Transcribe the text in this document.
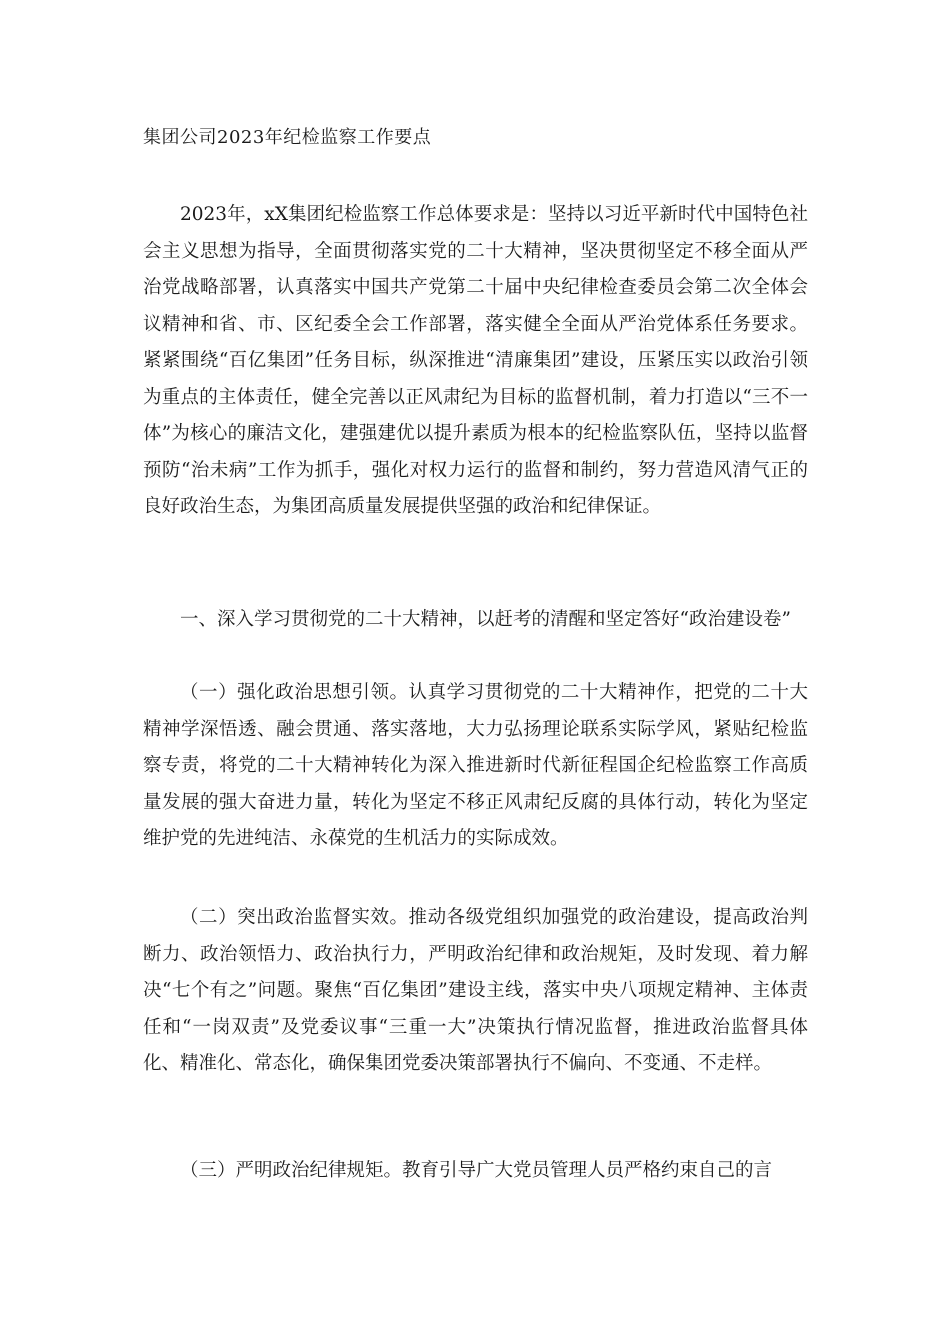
集团公司2023年纪检监察工作要点

2023年，xX集团纪检监察工作总体要求是：坚持以习近平新时代中国特色社会主义思想为指导，全面贯彻落实党的二十大精神，坚决贯彻坚定不移全面从严治党战略部署，认真落实中国共产党第二十届中央纪律检查委员会第二次全体会议精神和省、市、区纪委全会工作部署，落实健全全面从严治党体系任务要求。紧紧围绕“百亿集团”任务目标，纵深推进“清廉集团”建设，压紧压实以政治引领为重点的主体责任，健全完善以正风肃纪为目标的监督机制，着力打造以“三不一体”为核心的廉洁文化，建强建优以提升素质为根本的纪检监察队伍，坚持以监督预防“治未病”工作为抓手，强化对权力运行的监督和制约，努力营造风清气正的良好政治生态，为集团高质量发展提供坚强的政治和纪律保证。

一、深入学习贯彻党的二十大精神，以赶考的清醒和坚定答好“政治建设卷”

（一）强化政治思想引领。认真学习贯彻党的二十大精神作，把党的二十大精神学深悟透、融会贯通、落实落地，大力弘扬理论联系实际学风，紧贴纪检监察专责，将党的二十大精神转化为深入推进新时代新征程国企纪检监察工作高质量发展的强大奋进力量，转化为坚定不移正风肃纪反腐的具体行动，转化为坚定维护党的先进纯洁、永葆党的生机活力的实际成效。

（二）突出政治监督实效。推动各级党组织加强党的政治建设，提高政治判断力、政治领悟力、政治执行力，严明政治纪律和政治规矩，及时发现、着力解决“七个有之”问题。聚焦“百亿集团”建设主线，落实中央八项规定精神、主体责任和“一岗双责”及党委议事“三重一大”决策执行情况监督，推进政治监督具体化、精准化、常态化，确保集团党委决策部署执行不偏向、不变通、不走样。

（三）严明政治纪律规矩。教育引导广大党员管理人员严格约束自己的言
